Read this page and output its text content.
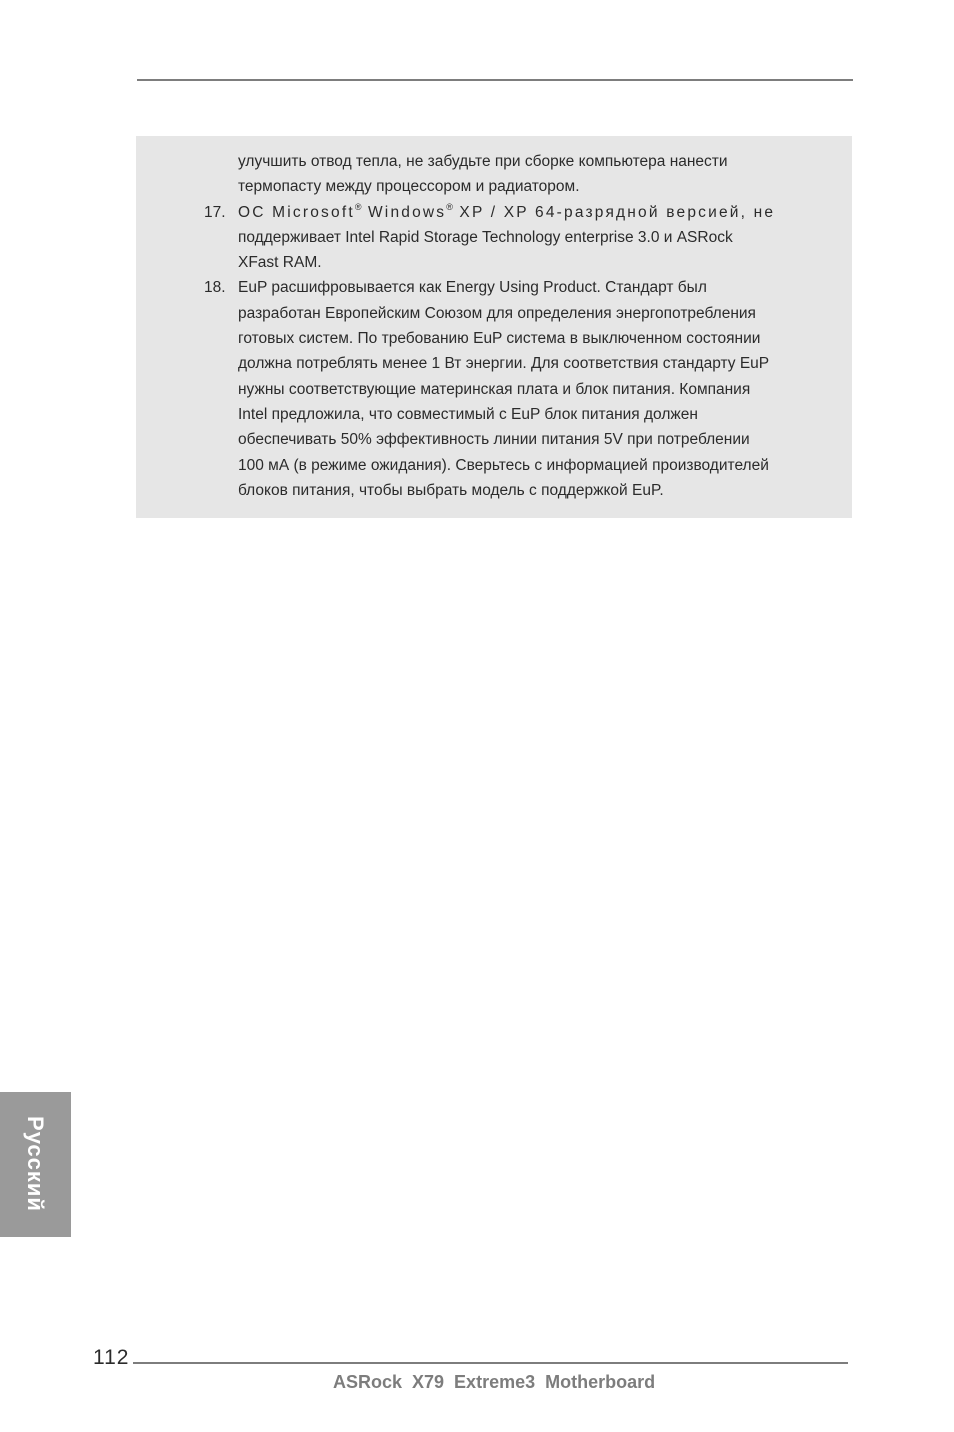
улучшить отвод тепла, не забудьте при сборке компьютера нанести
термопасту между процессором и радиатором.
17. ОС Microsoft® Windows® XP / XP 64-разрядной версией, не
поддерживает Intel Rapid Storage Technology enterprise 3.0 и ASRock
XFast RAM.
18. EuP расшифровывается как Energy Using Product. Стандарт был
разработан Европейским Союзом для определения энергопотребления
готовых систем. По требованию EuP система в выключенном состоянии
должна потреблять менее 1 Вт энергии. Для соответствия стандарту EuP
нужны соответствующие материнская плата и блок питания. Компания
Intel предложила, что совместимый с EuP блок питания должен
обеспечивать 50% эффективность линии питания 5V при потреблении
100 мА (в режиме ожидания). Сверьтесь с информацией производителей
блоков питания, чтобы выбрать модель с поддержкой EuP.
Русский
112
ASRock  X79  Extreme3  Motherboard
